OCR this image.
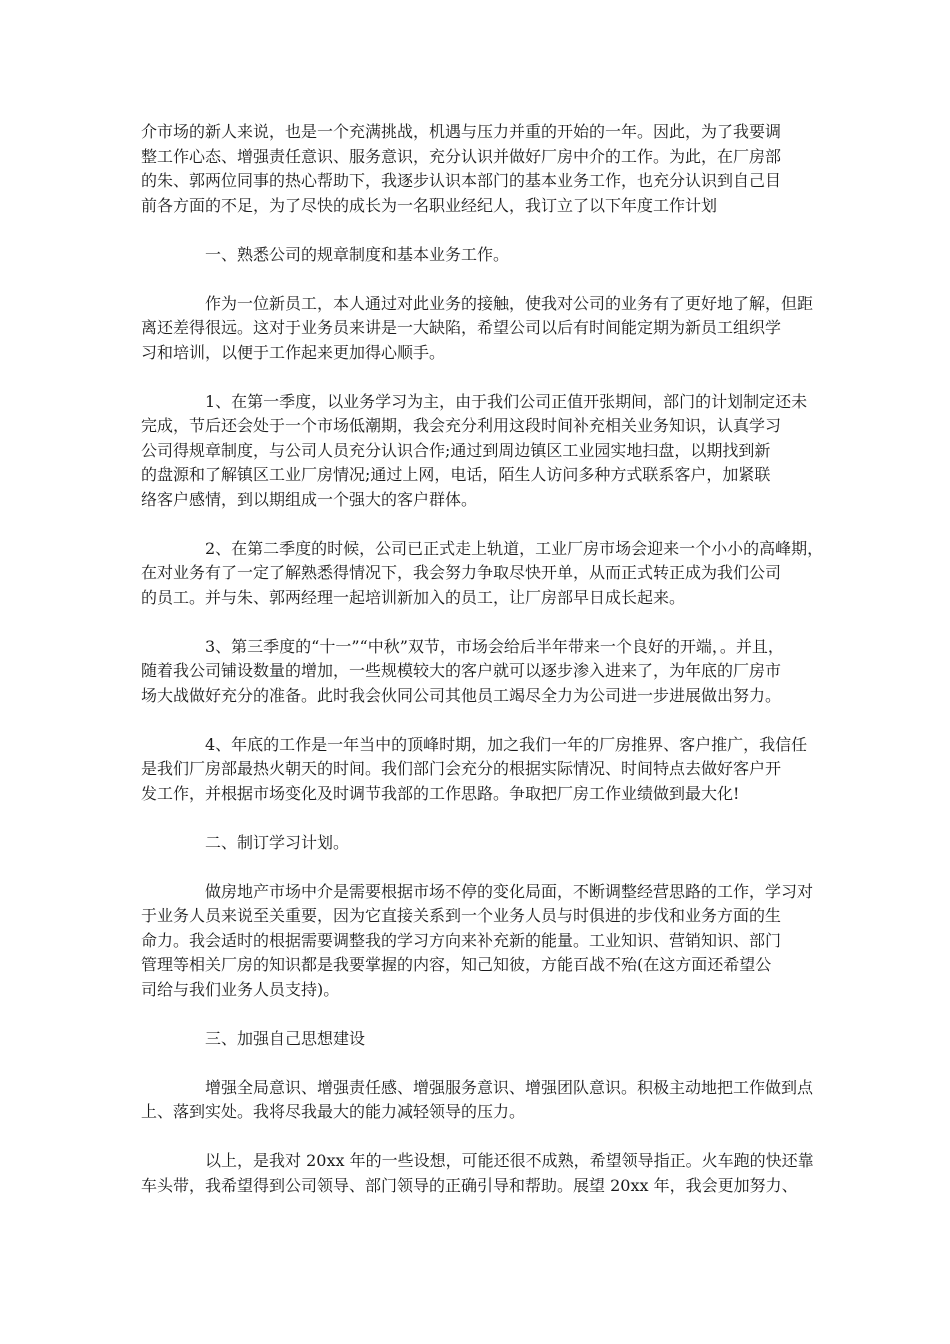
介市场的新人来说，也是一个充满挑战，机遇与压力并重的开始的一年。因此，为了我要调
整工作心态、增强责任意识、服务意识，充分认识并做好厂房中介的工作。为此，在厂房部
的朱、郭两位同事的热心帮助下，我逐步认识本部门的基本业务工作，也充分认识到自己目
前各方面的不足，为了尽快的成长为一名职业经纪人，我订立了以下年度工作计划
一、熟悉公司的规章制度和基本业务工作。
作为一位新员工，本人通过对此业务的接触，使我对公司的业务有了更好地了解，但距
离还差得很远。这对于业务员来讲是一大缺陷，希望公司以后有时间能定期为新员工组织学
习和培训，以便于工作起来更加得心顺手。
1、在第一季度，以业务学习为主，由于我们公司正值开张期间，部门的计划制定还未
完成，节后还会处于一个市场低潮期，我会充分利用这段时间补充相关业务知识，认真学习
公司得规章制度，与公司人员充分认识合作;通过到周边镇区工业园实地扫盘，以期找到新
的盘源和了解镇区工业厂房情况;通过上网，电话，陌生人访问多种方式联系客户，加紧联
络客户感情，到以期组成一个强大的客户群体。
2、在第二季度的时候，公司已正式走上轨道，工业厂房市场会迎来一个小小的高峰期，
在对业务有了一定了解熟悉得情况下，我会努力争取尽快开单，从而正式转正成为我们公司
的员工。并与朱、郭两经理一起培训新加入的员工，让厂房部早日成长起来。
3、第三季度的“十一”“中秋”双节，市场会给后半年带来一个良好的开端，。并且，
随着我公司铺设数量的增加，一些规模较大的客户就可以逐步渗入进来了，为年底的厂房市
场大战做好充分的准备。此时我会伙同公司其他员工竭尽全力为公司进一步进展做出努力。
4、年底的工作是一年当中的顶峰时期，加之我们一年的厂房推界、客户推广，我信任
是我们厂房部最热火朝天的时间。我们部门会充分的根据实际情况、时间特点去做好客户开
发工作，并根据市场变化及时调节我部的工作思路。争取把厂房工作业绩做到最大化!
二、制订学习计划。
做房地产市场中介是需要根据市场不停的变化局面，不断调整经营思路的工作，学习对
于业务人员来说至关重要，因为它直接关系到一个业务人员与时俱进的步伐和业务方面的生
命力。我会适时的根据需要调整我的学习方向来补充新的能量。工业知识、营销知识、部门
管理等相关厂房的知识都是我要掌握的内容，知己知彼，方能百战不殆(在这方面还希望公
司给与我们业务人员支持)。
三、加强自己思想建设
增强全局意识、增强责任感、增强服务意识、增强团队意识。积极主动地把工作做到点
上、落到实处。我将尽我最大的能力减轻领导的压力。
以上，是我对 20xx 年的一些设想，可能还很不成熟，希望领导指正。火车跑的快还靠
车头带，我希望得到公司领导、部门领导的正确引导和帮助。展望 20xx 年，我会更加努力、
